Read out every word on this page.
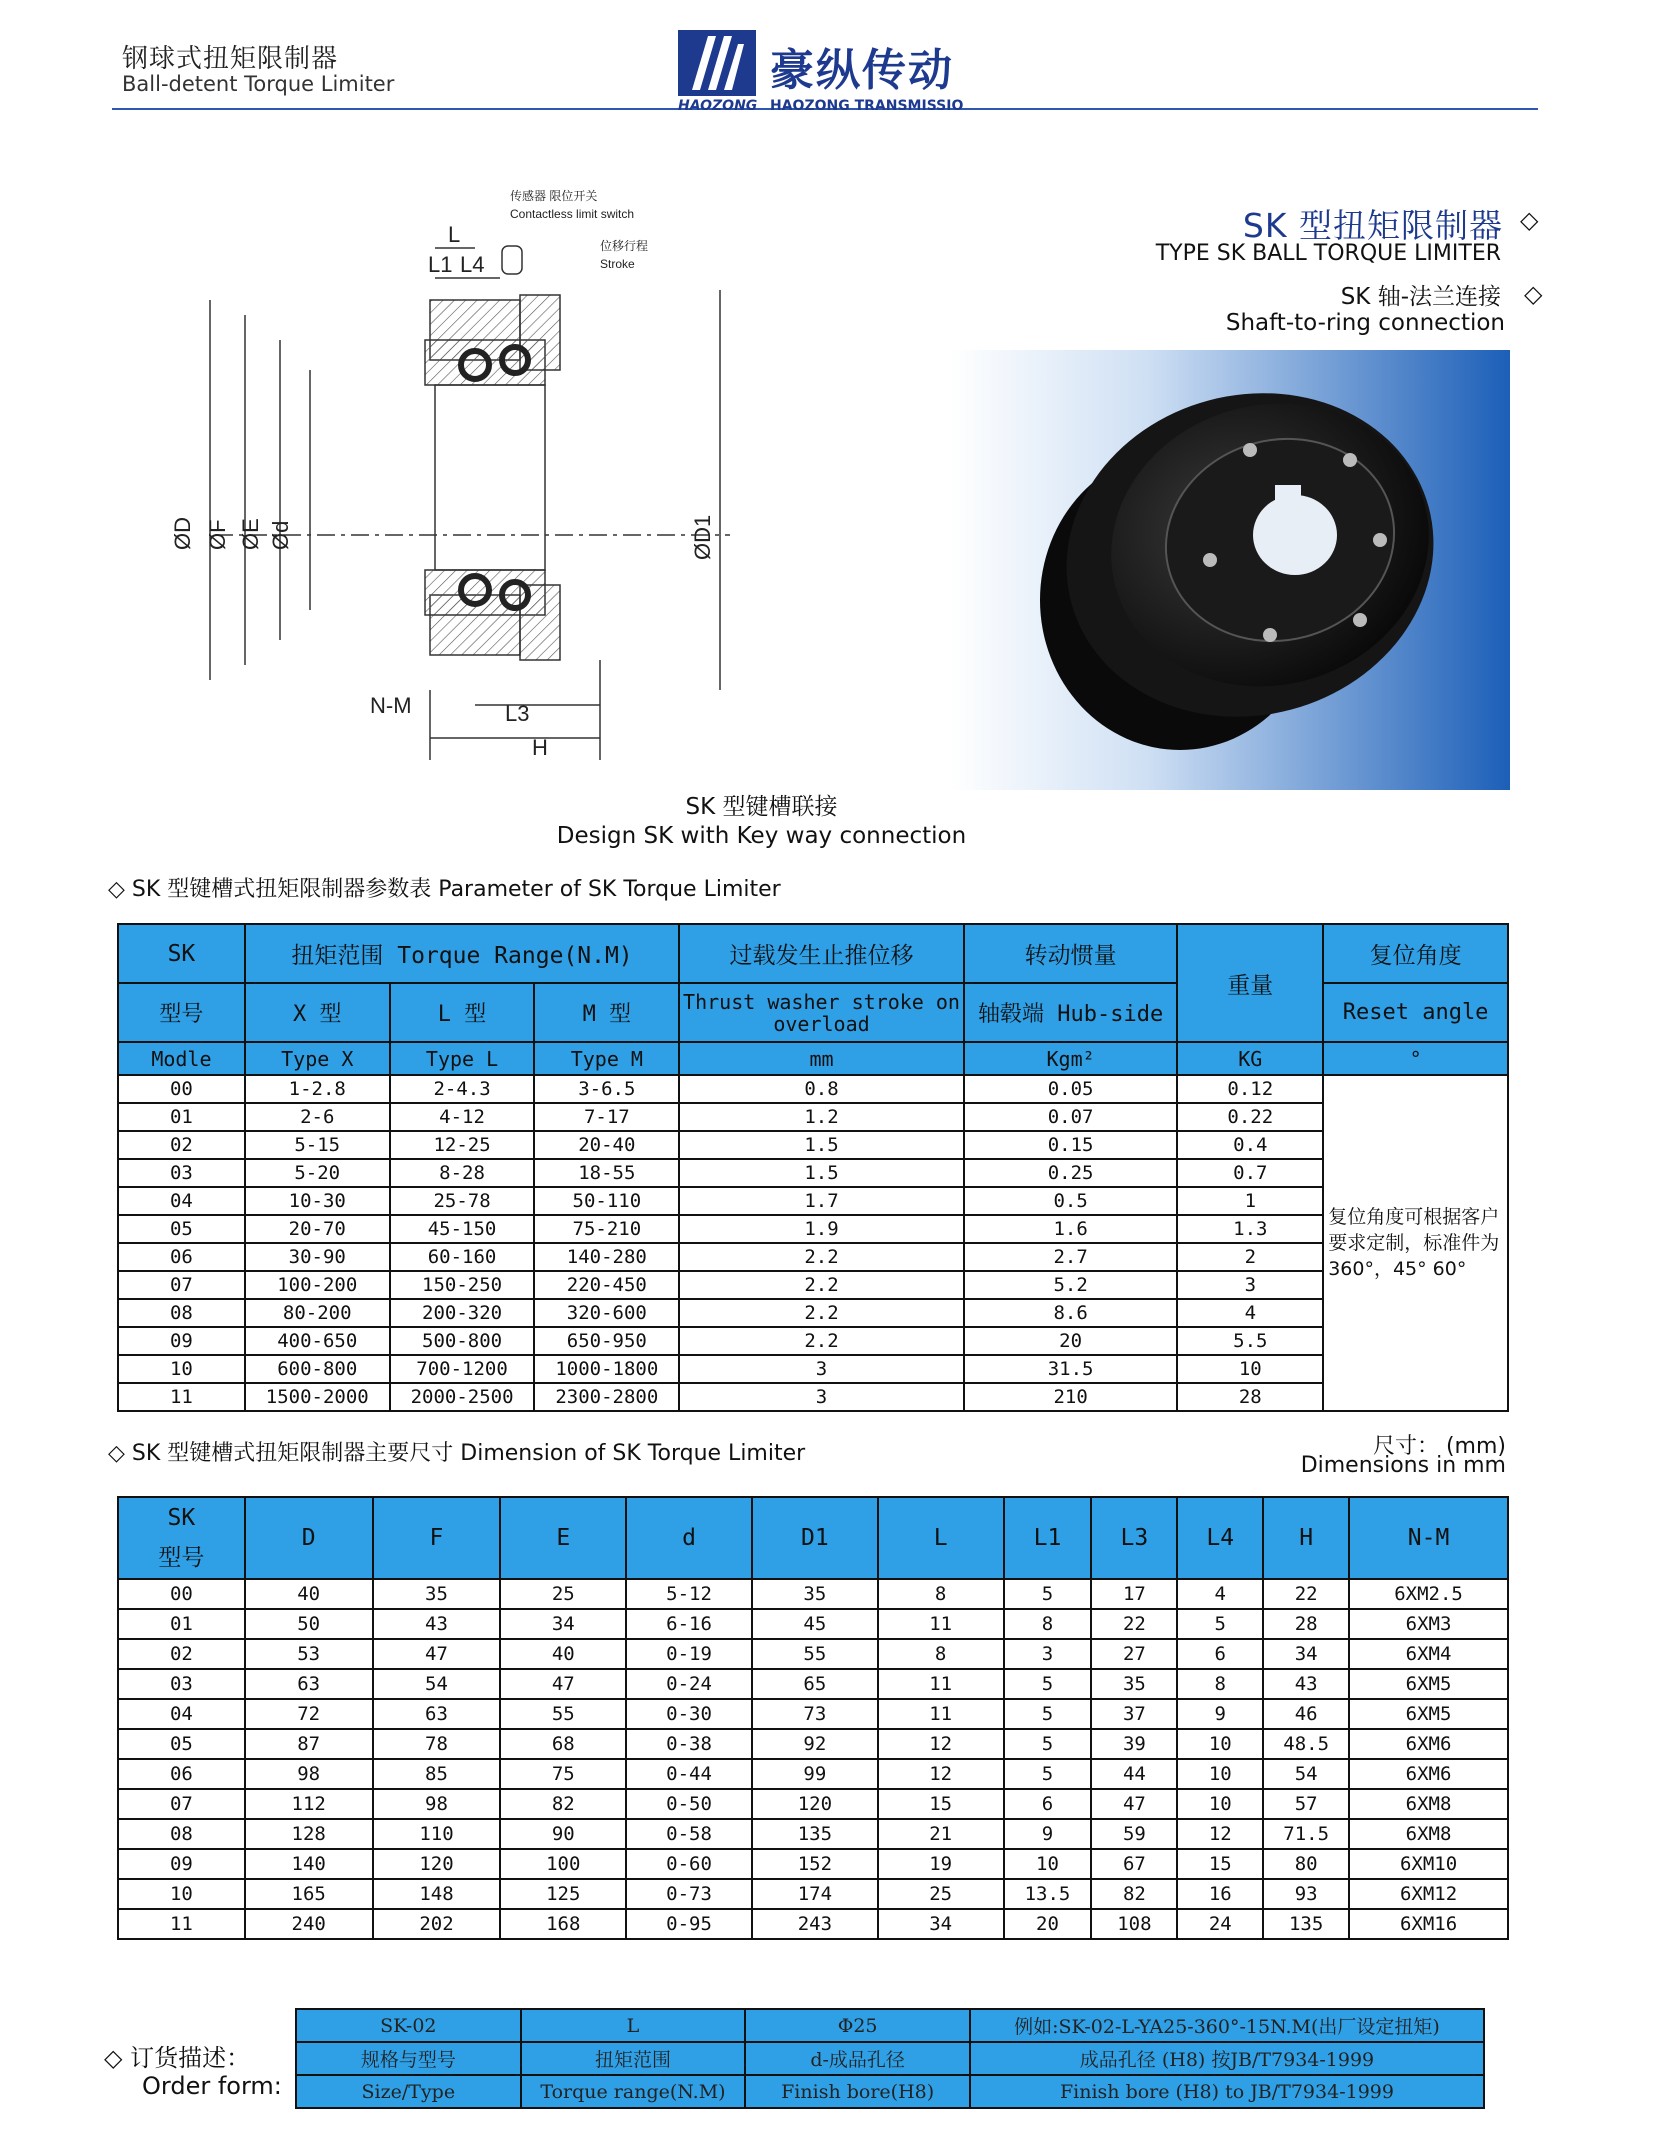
钢球式扭矩限制器
Ball-detent Torque Limiter	豪纵传动
HAOZONG HAOZONG TRANSMISSIO
SK 型扭矩限制器 ◇
TYPE SK BALL TORQUE LIMITER
SK 轴-法兰连接 ◇
Shaft-to-ring connection
传感器 限位开关
Contactless limit switch
位移行程
Stroke
L
L1 L4
ØD ØF ØE Ød	ØD1
N-M	L3
H
SK 型键槽联接
Design SK with Key way connection
◇ SK 型键槽式扭矩限制器参数表 Parameter of SK Torque Limiter
SK	扭矩范围 Torque Range(N.M)			过载发生止推位移	转动惯量	重量	复位角度
型号	X 型	L 型	M 型	Thrust washer stroke on overload	轴毂端 Hub-side		Reset angle
Modle	Type X	Type L	Type M	mm	Kgm²	KG	°
00	1-2.8	2-4.3	3-6.5	0.8	0.05	0.12	复位角度可根据客户要求定制，标准件为360°，45° 60°
01	2-6	4-12	7-17	1.2	0.07	0.22	
02	5-15	12-25	20-40	1.5	0.15	0.4	
03	5-20	8-28	18-55	1.5	0.25	0.7	
04	10-30	25-78	50-110	1.7	0.5	1	
05	20-70	45-150	75-210	1.9	1.6	1.3	
06	30-90	60-160	140-280	2.2	2.7	2	
07	100-200	150-250	220-450	2.2	5.2	3	
08	80-200	200-320	320-600	2.2	8.6	4	
09	400-650	500-800	650-950	2.2	20	5.5	
10	600-800	700-1200	1000-1800	3	31.5	10	
11	1500-2000	2000-2500	2300-2800	3	210	28	
◇ SK 型键槽式扭矩限制器主要尺寸 Dimension of SK Torque Limiter	尺寸： (mm)
Dimensions in mm
SK
型号	D	F	E	d	D1	L	L1	L3	L4	H	N-M
00	40	35	25	5-12	35	8	5	17	4	22	6XM2.5
01	50	43	34	6-16	45	11	8	22	5	28	6XM3
02	53	47	40	0-19	55	8	3	27	6	34	6XM4
03	63	54	47	0-24	65	11	5	35	8	43	6XM5
04	72	63	55	0-30	73	11	5	37	9	46	6XM5
05	87	78	68	0-38	92	12	5	39	10	48.5	6XM6
06	98	85	75	0-44	99	12	5	44	10	54	6XM6
07	112	98	82	0-50	120	15	6	47	10	57	6XM8
08	128	110	90	0-58	135	21	9	59	12	71.5	6XM8
09	140	120	100	0-60	152	19	10	67	15	80	6XM10
10	165	148	125	0-73	174	25	13.5	82	16	93	6XM12
11	240	202	168	0-95	243	34	20	108	24	135	6XM16
◇ 订货描述：
Order form:
SK-02	L	Φ25	例如:SK-02-L-YA25-360°-15N.M(出厂设定扭矩)
规格与型号	扭矩范围	d-成品孔径	成品孔径 (H8) 按JB/T7934-1999
Size/Type	Torque range(N.M)	Finish bore(H8)	Finish bore (H8) to JB/T7934-1999
